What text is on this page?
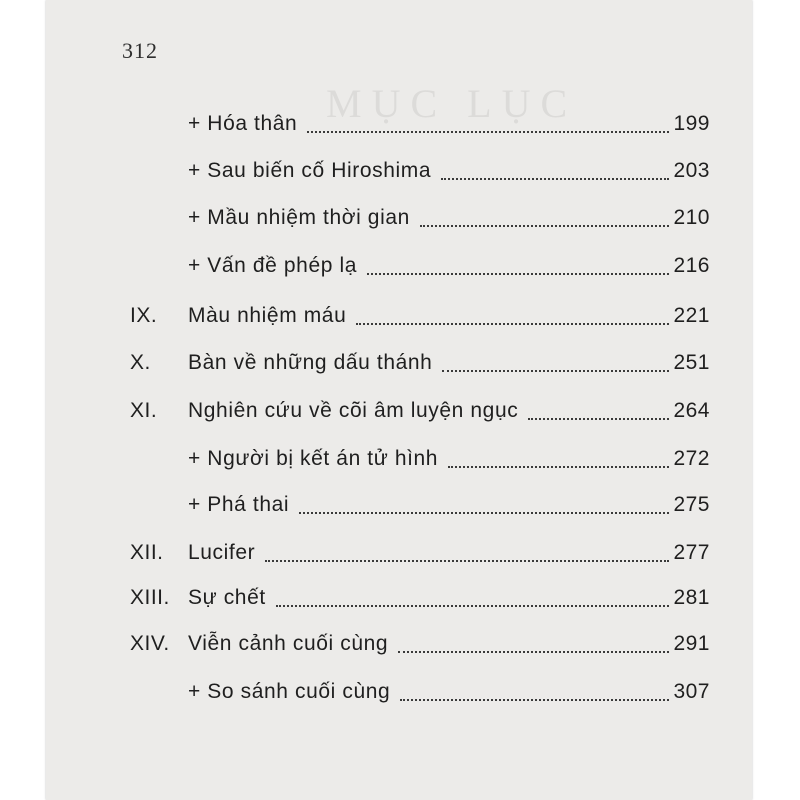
MỤC LỤC
312
+ Hóa thân	199
+ Sau biến cố Hiroshima	203
+ Mầu nhiệm thời gian	210
+ Vấn đề phép lạ	216
IX. Màu nhiệm máu	221
X. Bàn về những dấu thánh	251
XI. Nghiên cứu về cõi âm luyện ngục	264
+ Người bị kết án tử hình	272
+ Phá thai	275
XII. Lucifer	277
XIII. Sự chết	281
XIV. Viễn cảnh cuối cùng	291
+ So sánh cuối cùng	307
